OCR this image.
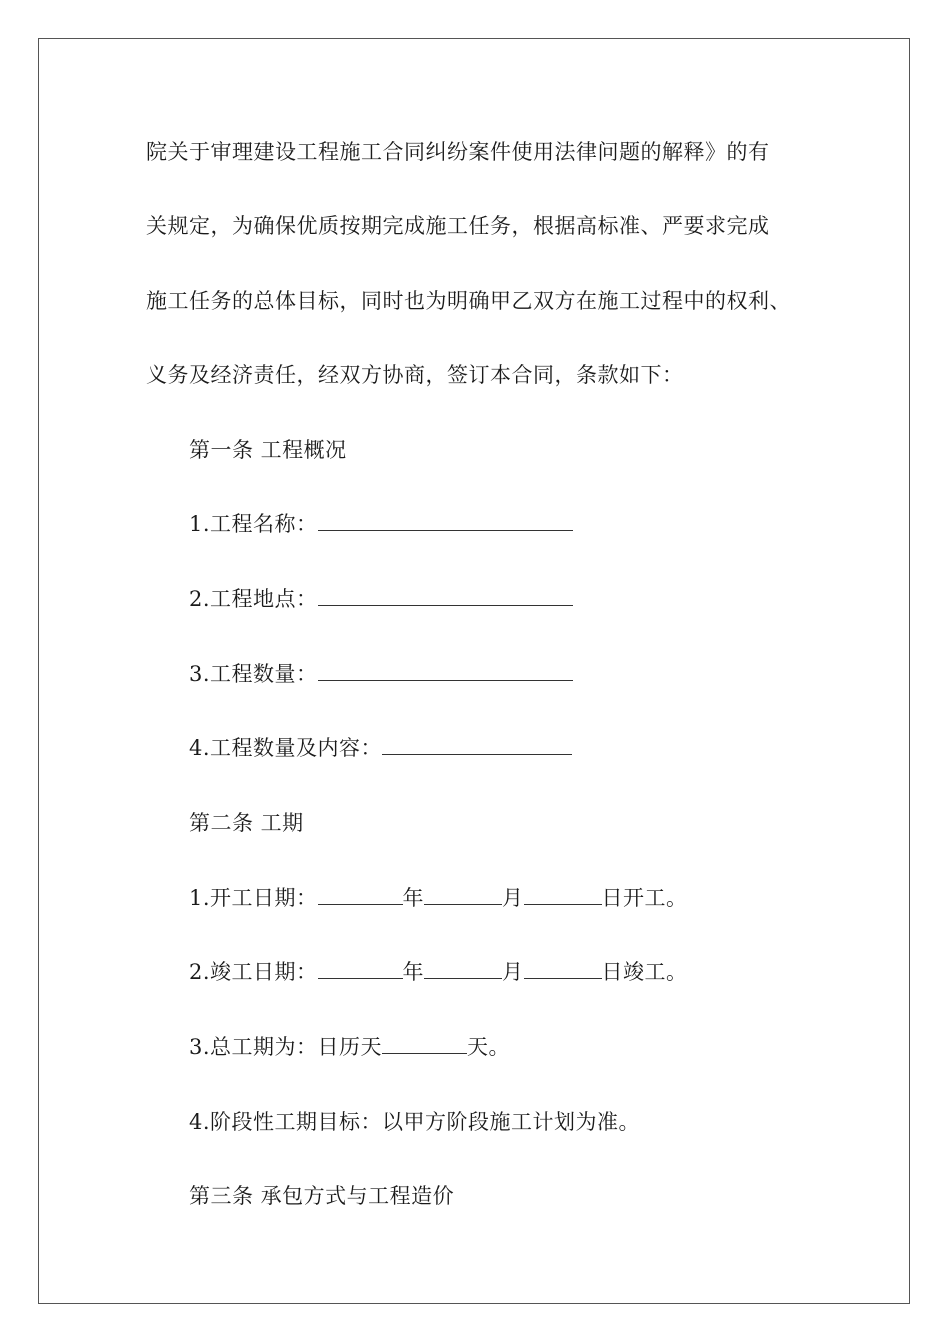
院关于审理建设工程施工合同纠纷案件使用法律问题的解释》的有
关规定，为确保优质按期完成施工任务，根据高标准、严要求完成
施工任务的总体目标，同时也为明确甲乙双方在施工过程中的权利、
义务及经济责任，经双方协商，签订本合同，条款如下：
第一条 工程概况
1.工程名称：
2.工程地点：
3.工程数量：
4.工程数量及内容：
第二条 工期
1.开工日期：	年	月	日开工。
2.竣工日期：	年	月	日竣工。
3.总工期为：日历天	天。
4.阶段性工期目标：以甲方阶段施工计划为准。
第三条 承包方式与工程造价
